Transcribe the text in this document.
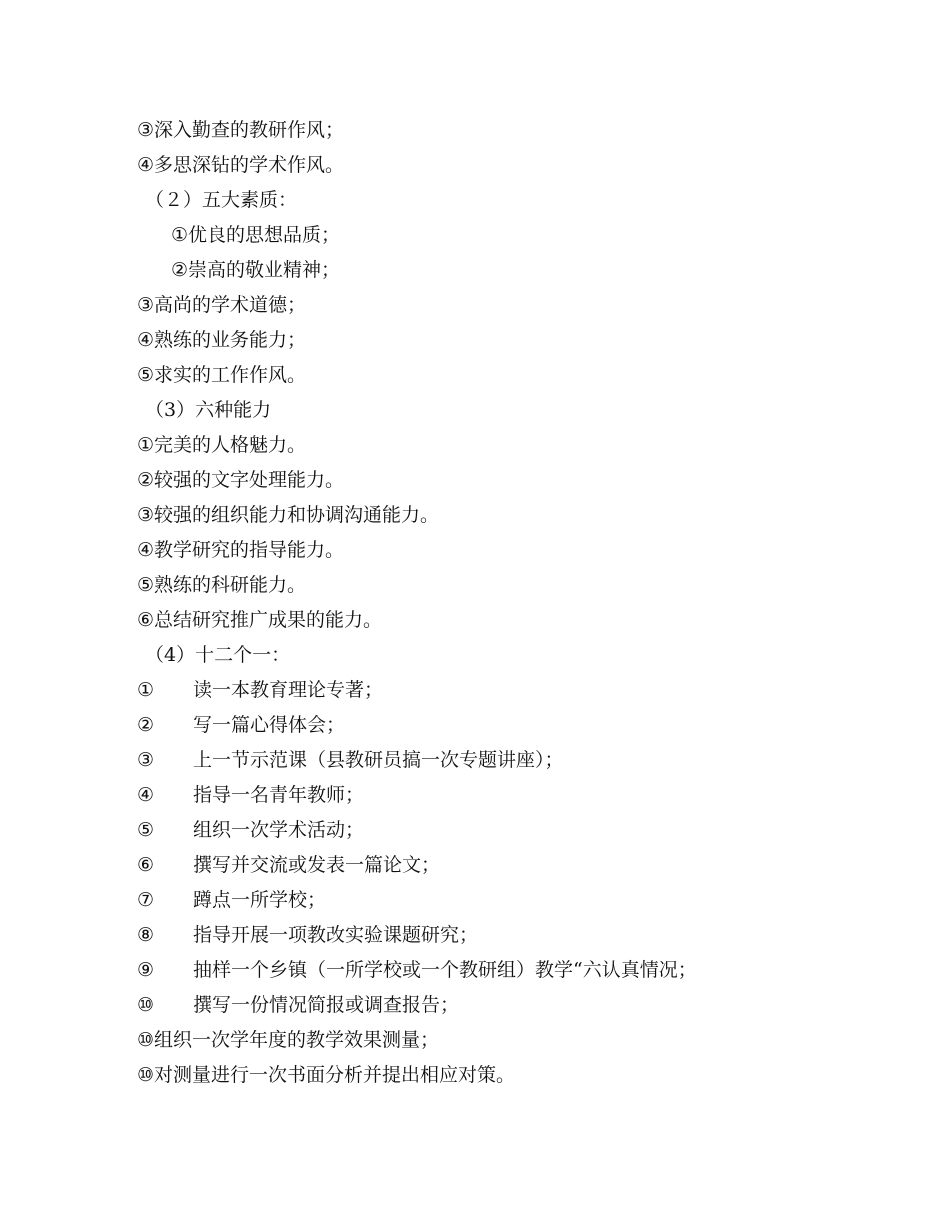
③深入勤查的教研作风；
④多思深钻的学术作风。
（２）五大素质：
①优良的思想品质；
②崇高的敬业精神；
③高尚的学术道德；
④熟练的业务能力；
⑤求实的工作作风。
（3）六种能力
①完美的人格魅力。
②较强的文字处理能力。
③较强的组织能力和协调沟通能力。
④教学研究的指导能力。
⑤熟练的科研能力。
⑥总结研究推广成果的能力。
（4）十二个一：
① 读一本教育理论专著；
② 写一篇心得体会；
③ 上一节示范课（县教研员搞一次专题讲座）；
④ 指导一名青年教师；
⑤ 组织一次学术活动；
⑥ 撰写并交流或发表一篇论文；
⑦ 蹲点一所学校；
⑧ 指导开展一项教改实验课题研究；
⑨ 抽样一个乡镇（一所学校或一个教研组）教学“六认真情况；
⑩ 撰写一份情况简报或调查报告；
⑩组织一次学年度的教学效果测量；
⑩对测量进行一次书面分析并提出相应对策。
